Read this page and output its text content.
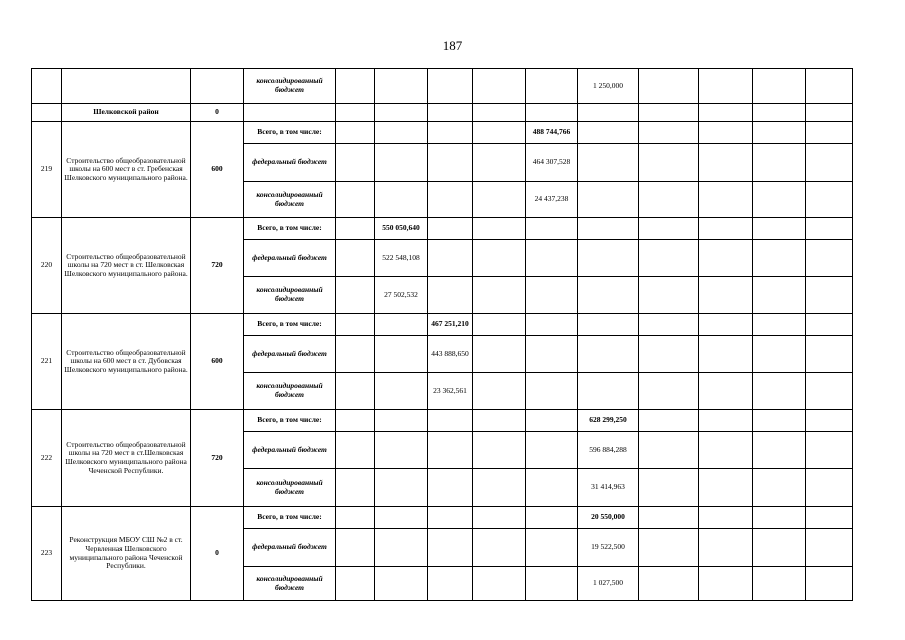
187
			консолидированный бюджет						1 250,000				
	Шелковской район	0											
219	Строительство общеобразовательной школы на 600 мест в ст. Гребенская Шелковского муниципального района.	600	Всего, в том числе:					488 744,766					
			федеральный бюджет					464 307,528					
			консолидированный бюджет					24 437,238					
220	Строительство общеобразовательной школы на 720 мест в ст. Шелковская Шелковского муниципального района.	720	Всего, в том числе:		550 050,640								
			федеральный бюджет		522 548,108								
			консолидированный бюджет		27 502,532								
221	Строительство общеобразовательной школы на 600 мест в ст. Дубовская Шелковского муниципального района.	600	Всего, в том числе:			467 251,210							
			федеральный бюджет			443 888,650							
			консолидированный бюджет			23 362,561							
222	Строительство общеобразовательной школы на 720 мест в ст.Шелковская Шелковского муниципального района Чеченской Республики.	720	Всего, в том числе:						628 299,250				
			федеральный бюджет						596 884,288				
			консолидированный бюджет						31 414,963				
223	Реконструкция МБОУ СШ №2 в ст. Червленная Шелковского муниципального района Чеченской Республики.	0	Всего, в том числе:						20 550,000				
			федеральный бюджет						19 522,500				
			консолидированный бюджет						1 027,500				
